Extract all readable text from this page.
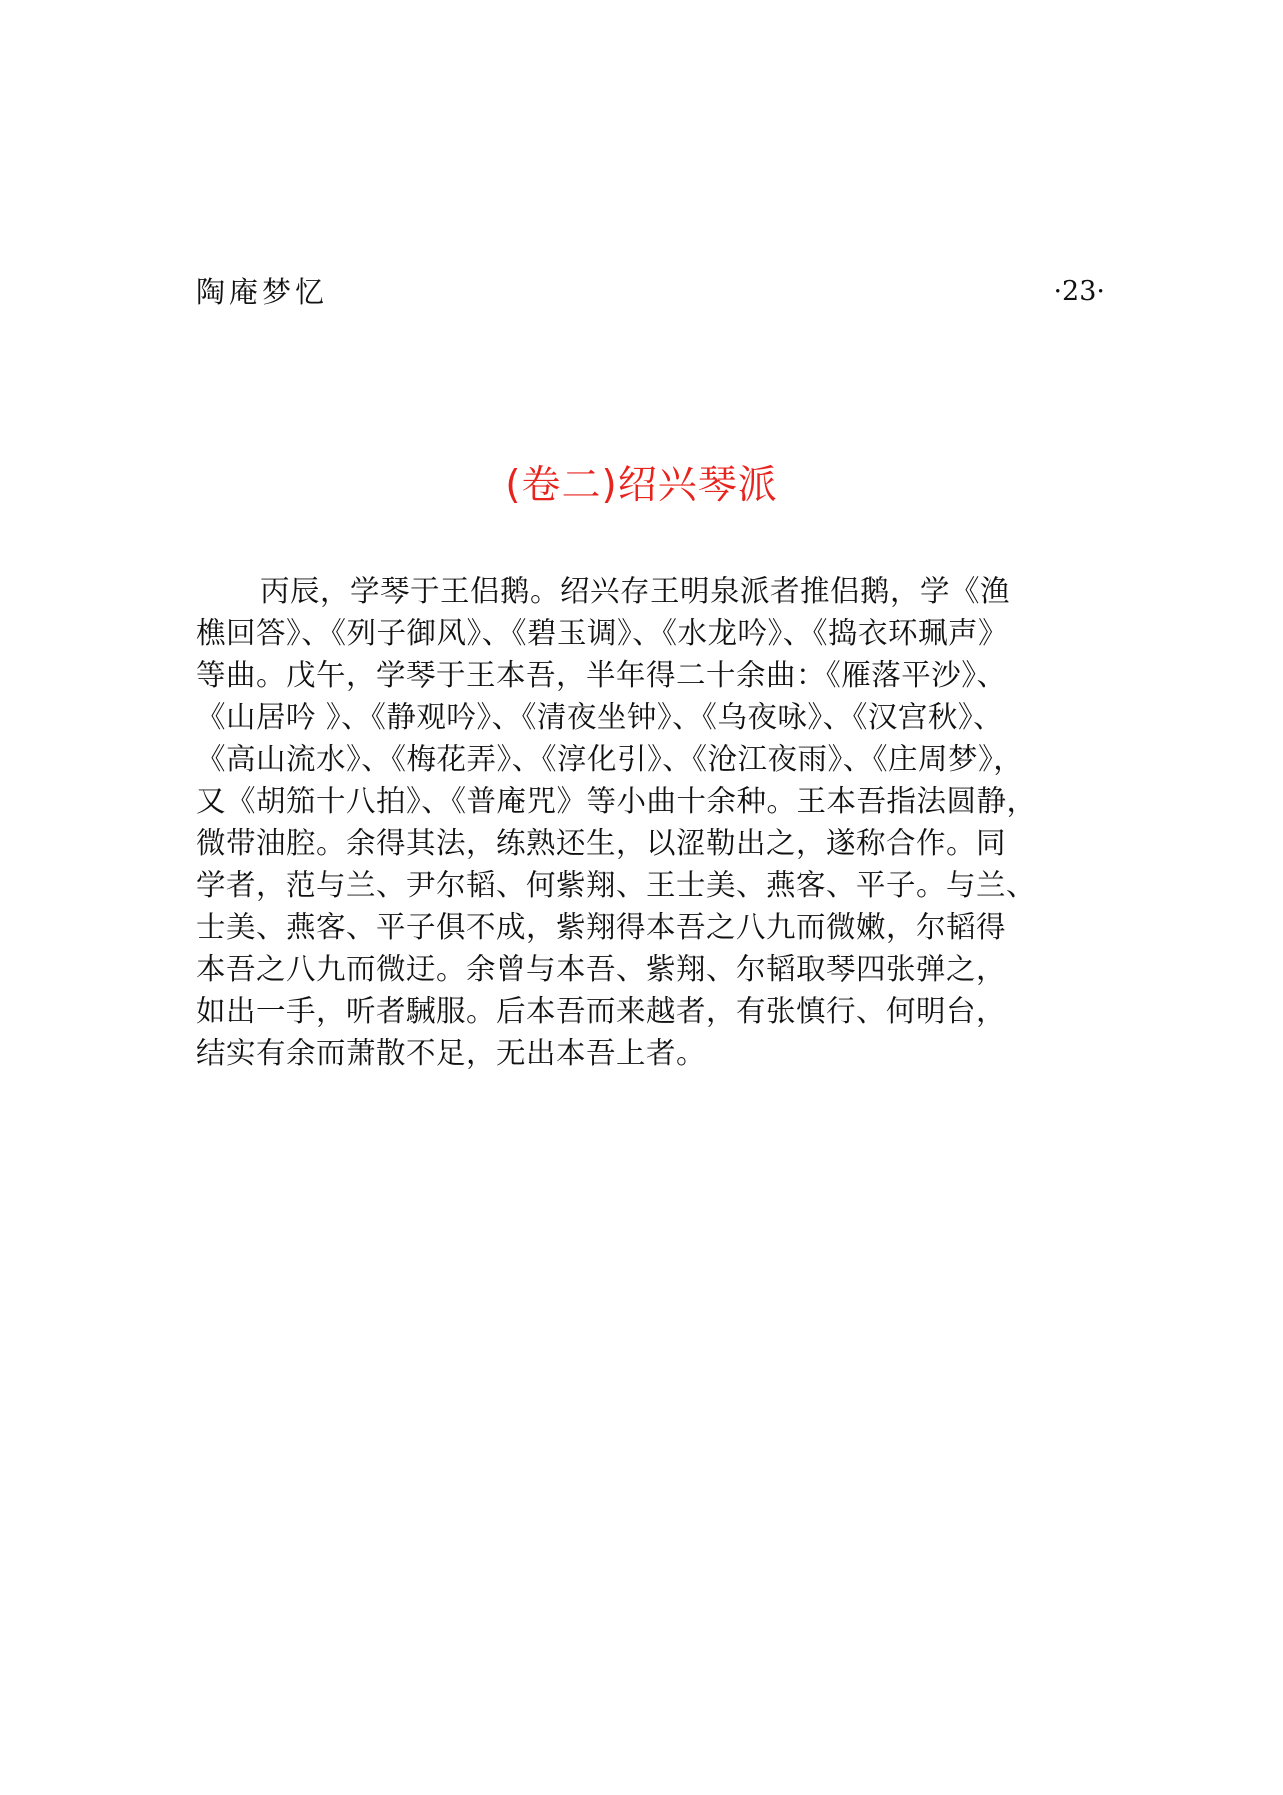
陶庵梦忆	·23·
(卷二)绍兴琴派
丙辰，学琴于王侣鹅。绍兴存王明泉派者推侣鹅，学《渔
樵回答》、《列子御风》、《碧玉调》、《水龙吟》、《捣衣环珮声》
等曲。戊午，学琴于王本吾，半年得二十余曲：《雁落平沙》、
《山居吟 》、《静观吟》、《清夜坐钟》、《乌夜咏》、《汉宫秋》、
《高山流水》、《梅花弄》、《淳化引》、《沧江夜雨》、《庄周梦》，
又《胡笳十八拍》、《普庵咒》等小曲十余种。王本吾指法圆静，
微带油腔。余得其法，练熟还生，以涩勒出之，遂称合作。同
学者，范与兰、尹尔韬、何紫翔、王士美、燕客、平子。与兰、
士美、燕客、平子俱不成，紫翔得本吾之八九而微嫩，尔韬得
本吾之八九而微迂。余曾与本吾、紫翔、尔韬取琴四张弹之，
如出一手，听者駴服。后本吾而来越者，有张慎行、何明台，
结实有余而萧散不足，无出本吾上者。
